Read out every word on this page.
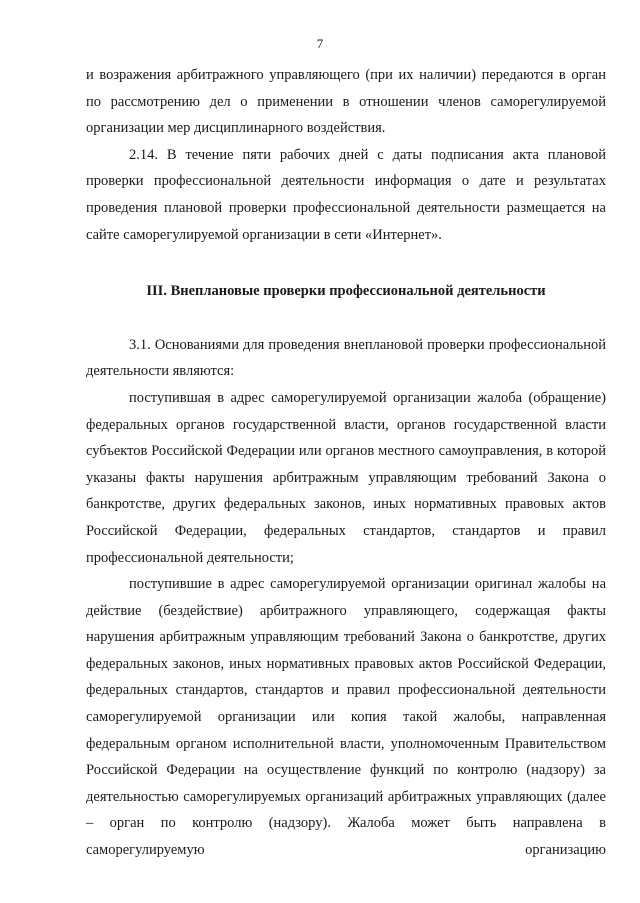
7

и возражения арбитражного управляющего (при их наличии) передаются в орган по рассмотрению дел о применении в отношении членов саморегулируемой организации мер дисциплинарного воздействия.

2.14. В течение пяти рабочих дней с даты подписания акта плановой проверки профессиональной деятельности информация о дате и результатах проведения плановой проверки профессиональной деятельности размещается на сайте саморегулируемой организации в сети «Интернет».

III. Внеплановые проверки профессиональной деятельности

3.1. Основаниями для проведения внеплановой проверки профессиональной деятельности являются:

поступившая в адрес саморегулируемой организации жалоба (обращение) федеральных органов государственной власти, органов государственной власти субъектов Российской Федерации или органов местного самоуправления, в которой указаны факты нарушения арбитражным управляющим требований Закона о банкротстве, других федеральных законов, иных нормативных правовых актов Российской Федерации, федеральных стандартов, стандартов и правил профессиональной деятельности;

поступившие в адрес саморегулируемой организации оригинал жалобы на действие (бездействие) арбитражного управляющего, содержащая факты нарушения арбитражным управляющим требований Закона о банкротстве, других федеральных законов, иных нормативных правовых актов Российской Федерации, федеральных стандартов, стандартов и правил профессиональной деятельности саморегулируемой организации или копия такой жалобы, направленная федеральным органом исполнительной власти, уполномоченным Правительством Российской Федерации на осуществление функций по контролю (надзору) за деятельностью саморегулируемых организаций арбитражных управляющих (далее – орган по контролю (надзору). Жалоба может быть направлена в саморегулируемую организацию
